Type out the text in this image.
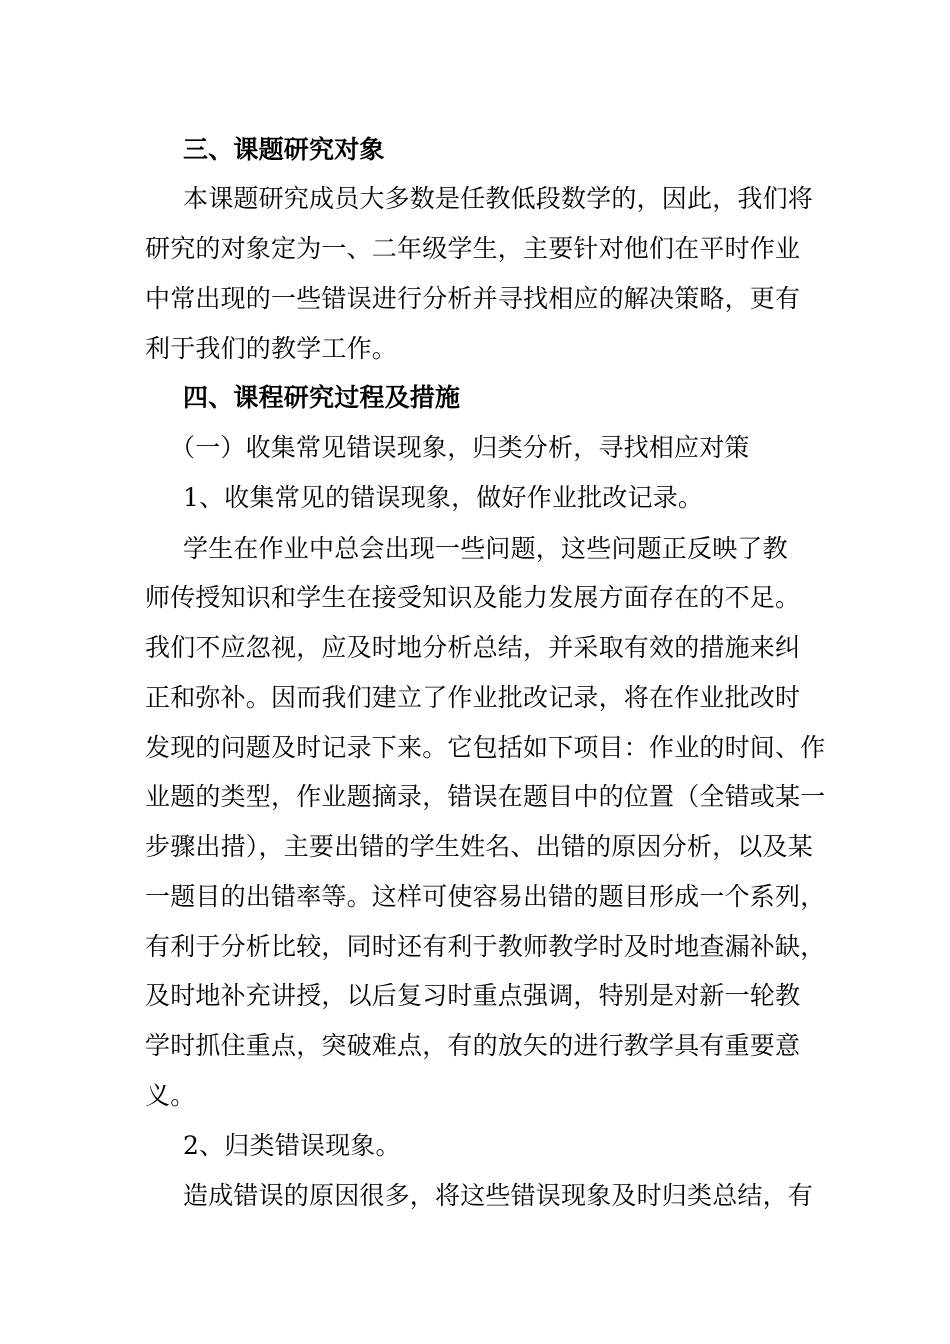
三、课题研究对象
本课题研究成员大多数是任教低段数学的，因此，我们将
研究的对象定为一、二年级学生，主要针对他们在平时作业
中常出现的一些错误进行分析并寻找相应的解决策略，更有
利于我们的教学工作。
四、课程研究过程及措施
（一）收集常见错误现象，归类分析，寻找相应对策
1、收集常见的错误现象，做好作业批改记录。
学生在作业中总会出现一些问题，这些问题正反映了教
师传授知识和学生在接受知识及能力发展方面存在的不足。
我们不应忽视，应及时地分析总结，并采取有效的措施来纠
正和弥补。因而我们建立了作业批改记录，将在作业批改时
发现的问题及时记录下来。它包括如下项目：作业的时间、作
业题的类型，作业题摘录，错误在题目中的位置（全错或某一
步骤出措），主要出错的学生姓名、出错的原因分析，以及某
一题目的出错率等。这样可使容易出错的题目形成一个系列，
有利于分析比较，同时还有利于教师教学时及时地查漏补缺，
及时地补充讲授，以后复习时重点强调，特别是对新一轮教
学时抓住重点，突破难点，有的放矢的进行教学具有重要意
义。
2、归类错误现象。
造成错误的原因很多，将这些错误现象及时归类总结，有
